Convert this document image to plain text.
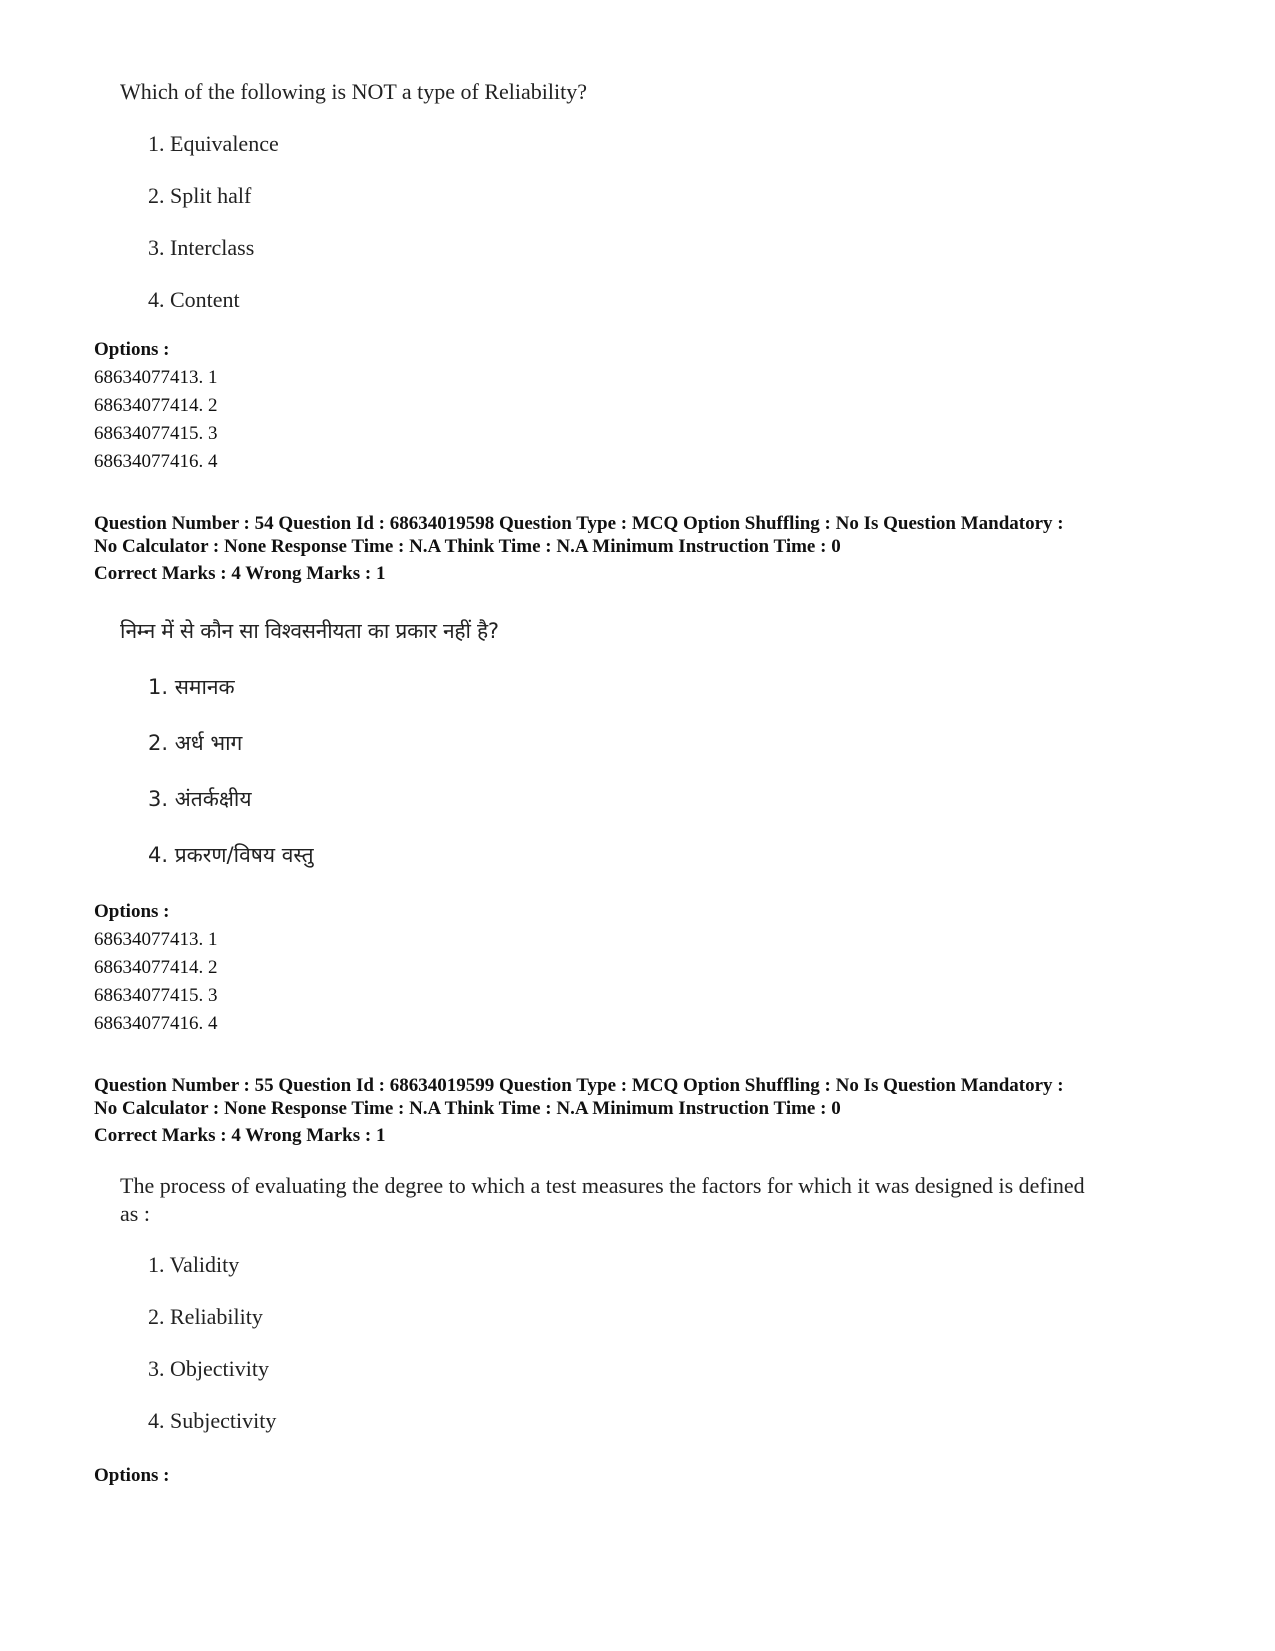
Which of the following is NOT a type of Reliability?
1. Equivalence
2. Split half
3. Interclass
4. Content
Options :
68634077413. 1
68634077414. 2
68634077415. 3
68634077416. 4
Question Number : 54 Question Id : 68634019598 Question Type : MCQ Option Shuffling : No Is Question Mandatory :
No Calculator : None Response Time : N.A Think Time : N.A Minimum Instruction Time : 0
Correct Marks : 4 Wrong Marks : 1
निम्न में से कौन सा विश्वसनीयता का प्रकार नहीं है?
1. समानक
2. अर्ध भाग
3. अंतर्कक्षीय
4. प्रकरण/विषय वस्तु
Options :
68634077413. 1
68634077414. 2
68634077415. 3
68634077416. 4
Question Number : 55 Question Id : 68634019599 Question Type : MCQ Option Shuffling : No Is Question Mandatory :
No Calculator : None Response Time : N.A Think Time : N.A Minimum Instruction Time : 0
Correct Marks : 4 Wrong Marks : 1
The process of evaluating the degree to which a test measures the factors for which it was designed is defined
as :
1. Validity
2. Reliability
3. Objectivity
4. Subjectivity
Options :
